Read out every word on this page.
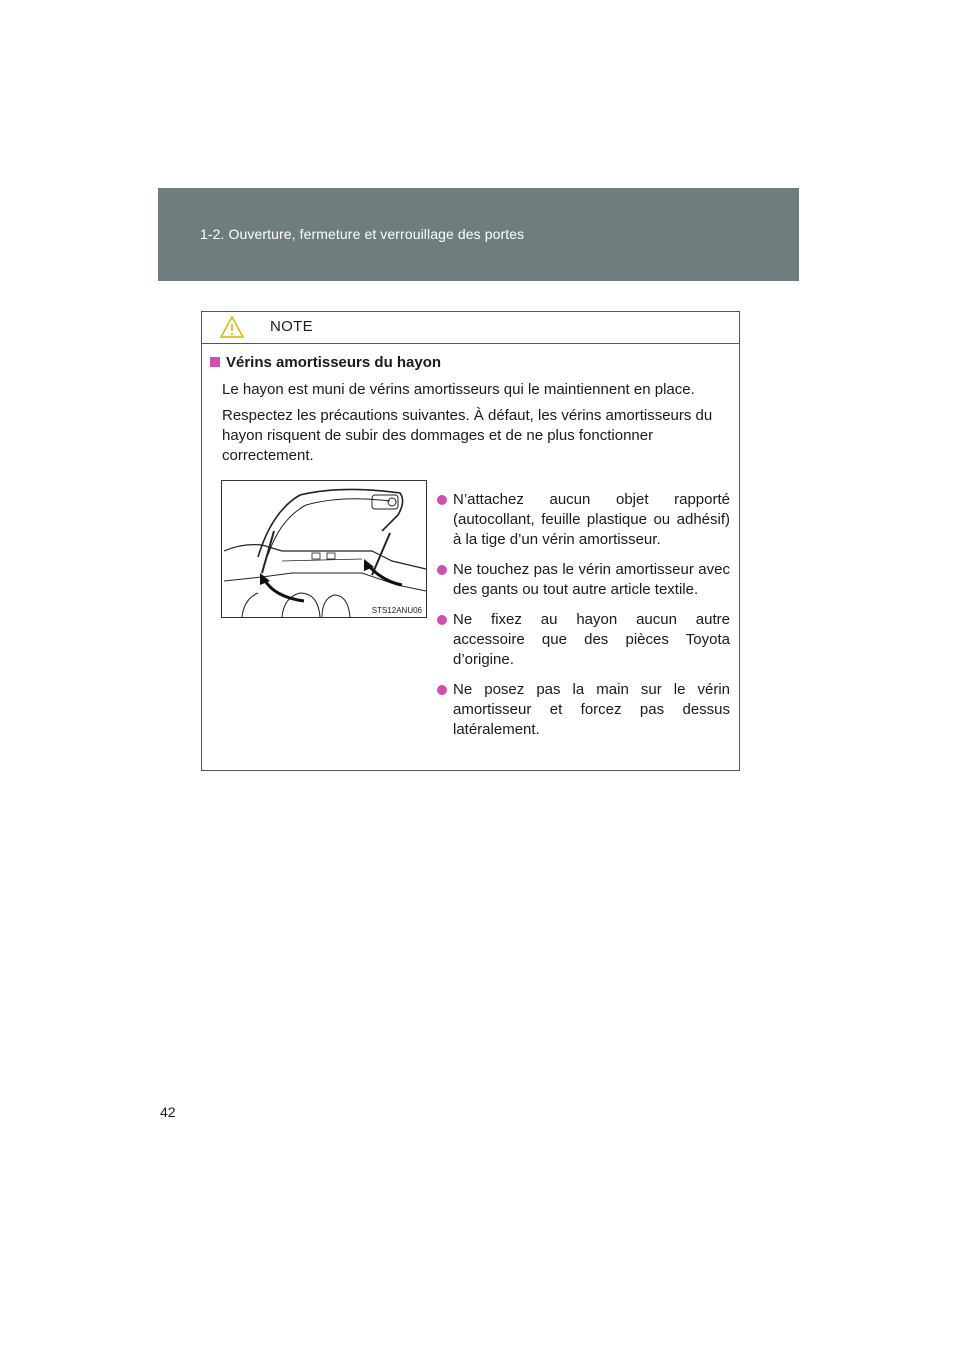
1-2. Ouverture, fermeture et verrouillage des portes
NOTE
Vérins amortisseurs du hayon
Le hayon est muni de vérins amortisseurs qui le maintiennent en place.
Respectez les précautions suivantes. À défaut, les vérins amortisseurs du hayon risquent de subir des dommages et de ne plus fonctionner correctement.
STS12ANU06
N’attachez aucun objet rapporté (autocollant, feuille plastique ou adhésif) à la tige d’un vérin amortisseur.
Ne touchez pas le vérin amortisseur avec des gants ou tout autre article textile.
Ne fixez au hayon aucun autre accessoire que des pièces Toyota d’origine.
Ne posez pas la main sur le vérin amortisseur et forcez pas dessus latéralement.
42
